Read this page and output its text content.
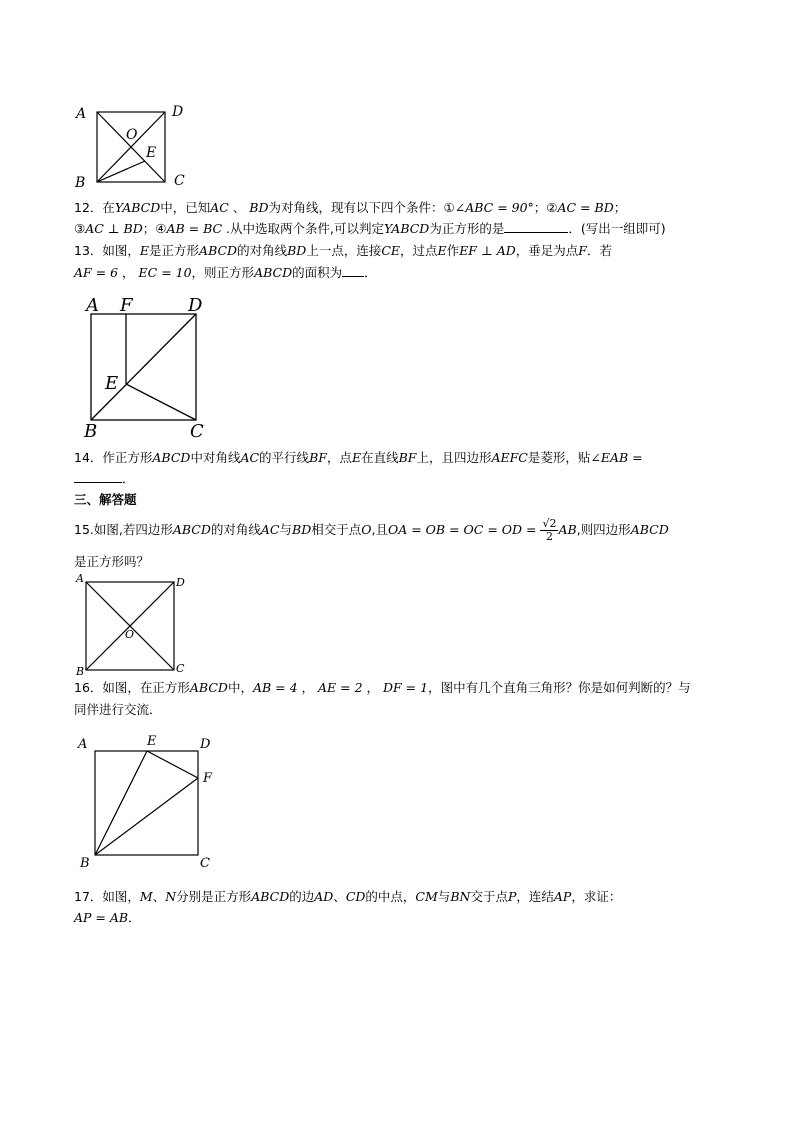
A	D
B	C
O
E
12．在YABCD中，已知AC 、 BD为对角线，现有以下四个条件：①∠ABC = 90°；②AC = BD；
③AC ⊥ BD；④AB = BC .从中选取两个条件,可以判定YABCD为正方形的是	．(写出一组即可)
13．如图，E是正方形ABCD的对角线BD上一点，连接CE，过点E作EF ⊥ AD，垂足为点F．若
AF = 6 ， EC = 10，则正方形ABCD的面积为 ．
A F	D
E
B	C
14．作正方形ABCD中对角线AC的平行线BF，点E在直线BF上，且四边形AEFC是菱形，贴∠EAB =
．
三、解答题
15.如图,若四边形ABCD的对角线AC与BD相交于点O,且OA = OB = OC = OD = $\frac{√2}{2}$ AB,则四边形ABCD
是正方形吗？
A	D
B	C
O
16．如图，在正方形ABCD中，AB = 4 ， AE = 2 ， DF = 1，图中有几个直角三角形？你是如何判断的？与
同伴进行交流．
A	E	D
F
B	C
17．如图，M、N分别是正方形ABCD的边AD、CD的中点，CM与BN交于点P，连结AP，求证：
AP = AB．
